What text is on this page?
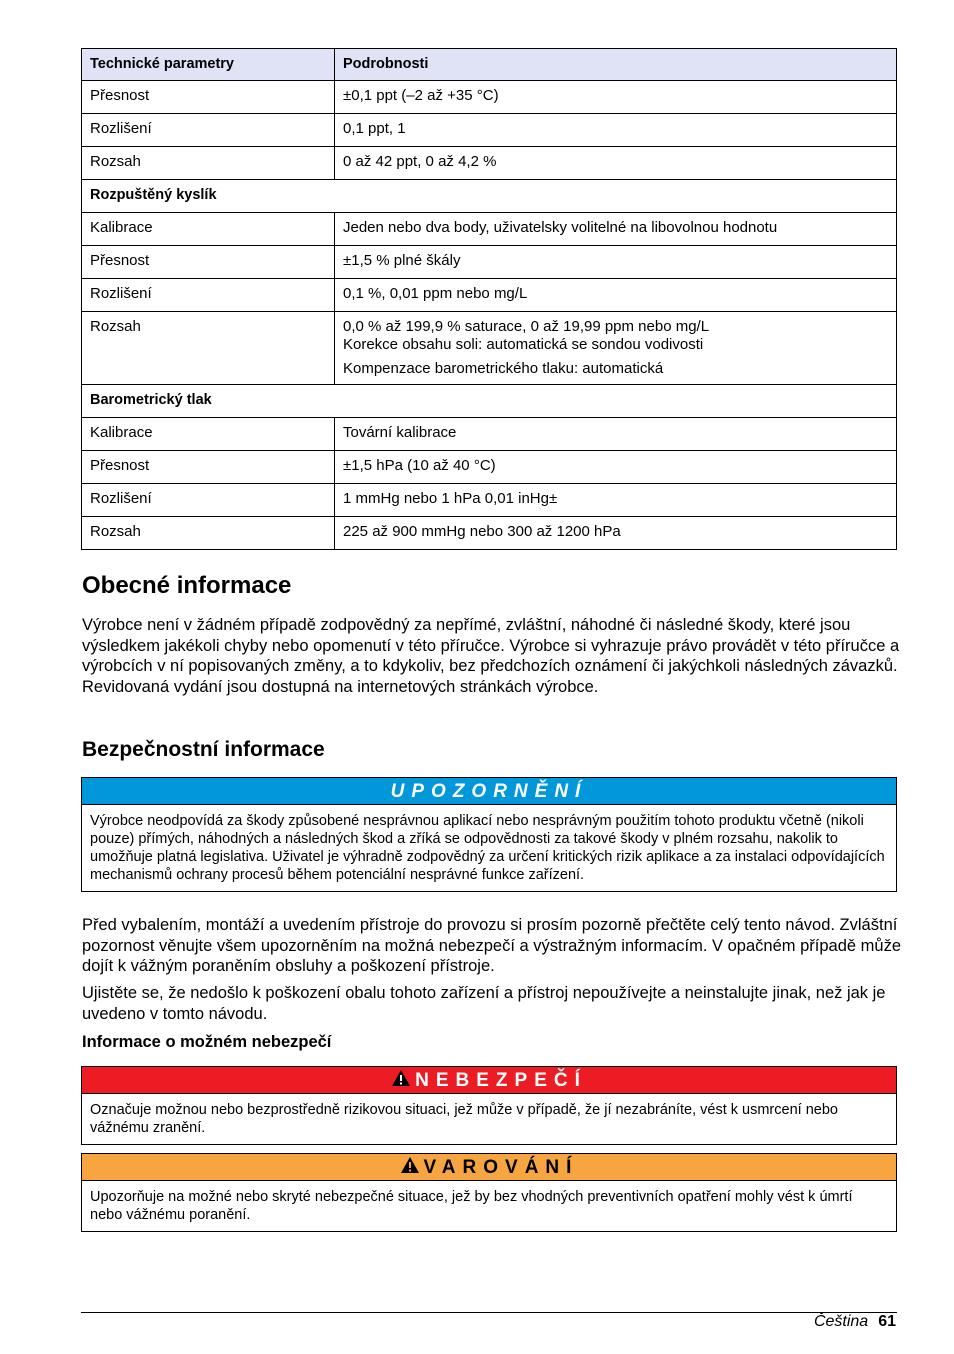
Technické parametry	Podrobnosti
Přesnost	±0,1 ppt (–2 až +35 °C)
Rozlišení	0,1 ppt, 1
Rozsah	0 až 42 ppt, 0 až 4,2 %
Rozpuštěný kyslík	
Kalibrace	Jeden nebo dva body, uživatelsky volitelné na libovolnou hodnotu
Přesnost	±1,5 % plné škály
Rozlišení	0,1 %, 0,01 ppm nebo mg/L
Rozsah	0,0 % až 199,9 % saturace, 0 až 19,99 ppm nebo mg/L
Korekce obsahu soli: automatická se sondou vodivosti
Kompenzace barometrického tlaku: automatická

Barometrický tlak	
Kalibrace	Tovární kalibrace
Přesnost	±1,5 hPa (10 až 40 °C)
Rozlišení	1 mmHg nebo 1 hPa 0,01 inHg±
Rozsah	225 až 900 mmHg nebo 300 až 1200 hPa
Obecné informace

Výrobce není v žádném případě zodpovědný za nepřímé, zvláštní, náhodné či následné škody, které jsou výsledkem jakékoli chyby nebo opomenutí v této příručce. Výrobce si vyhrazuje právo provádět v této příručce a výrobcích v ní popisovaných změny, a to kdykoliv, bez předchozích oznámení či jakýchkoli následných závazků. Revidovaná vydání jsou dostupná na internetových stránkách výrobce.

Bezpečnostní informace
UPOZORNĚNÍ
Výrobce neodpovídá za škody způsobené nesprávnou aplikací nebo nesprávným použitím tohoto produktu včetně (nikoli pouze) přímých, náhodných a následných škod a zříká se odpovědnosti za takové škody v plném rozsahu, nakolik to umožňuje platná legislativa. Uživatel je výhradně zodpovědný za určení kritických rizik aplikace a za instalaci odpovídajících mechanismů ochrany procesů během potenciální nesprávné funkce zařízení.

Před vybalením, montáží a uvedením přístroje do provozu si prosím pozorně přečtěte celý tento návod. Zvláštní pozornost věnujte všem upozorněním na možná nebezpečí a výstražným informacím. V opačném případě může dojít k vážným poraněním obsluhy a poškození přístroje.

Ujistěte se, že nedošlo k poškození obalu tohoto zařízení a přístroj nepoužívejte a neinstalujte jinak, než jak je uvedeno v tomto návodu.

Informace o možném nebezpečí
NEBEZPEČÍ
Označuje možnou nebo bezprostředně rizikovou situaci, jež může v případě, že jí nezabráníte, vést k usmrcení nebo vážnému zranění.
VAROVÁNÍ
Upozorňuje na možné nebo skryté nebezpečné situace, jež by bez vhodných preventivních opatření mohly vést k úmrtí nebo vážnému poranění.
Čeština 61
